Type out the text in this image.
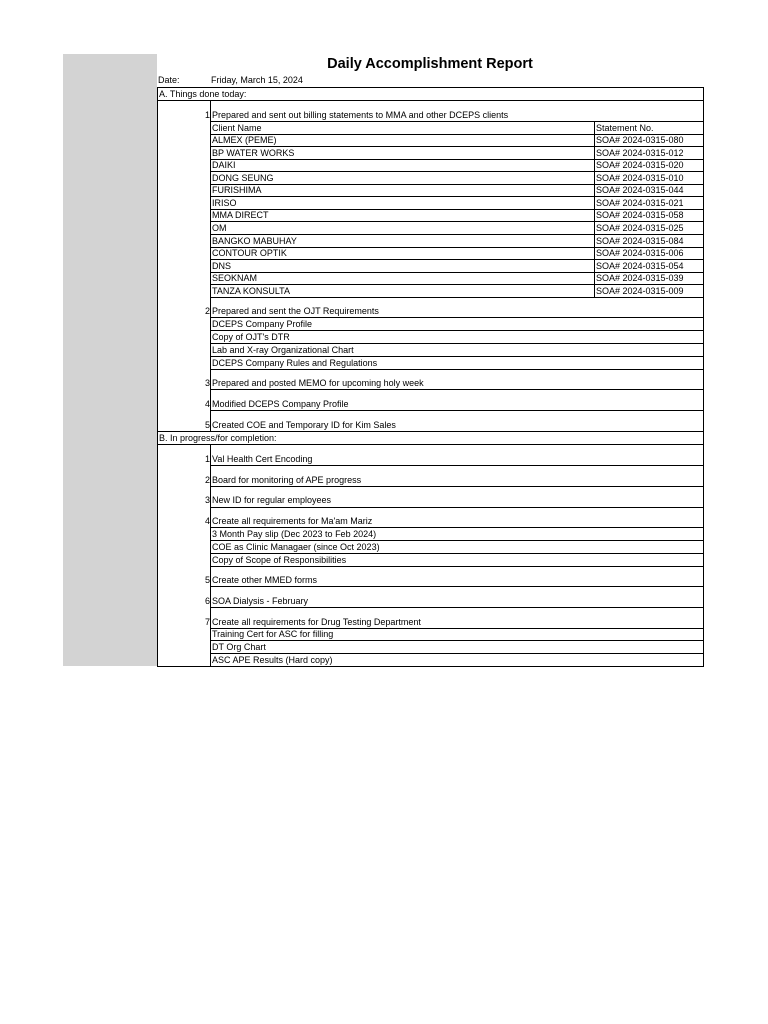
Daily Accomplishment Report
Date:	Friday, March 15, 2024
A. Things done today:
1 Prepared and sent out billing statements to MMA and other DCEPS clients
Client Name	Statement No.
ALMEX (PEME)	SOA# 2024-0315-080
BP WATER WORKS	SOA# 2024-0315-012
DAIKI	SOA# 2024-0315-020
DONG SEUNG	SOA# 2024-0315-010
FURISHIMA	SOA# 2024-0315-044
IRISO	SOA# 2024-0315-021
MMA DIRECT	SOA# 2024-0315-058
OM	SOA# 2024-0315-025
BANGKO MABUHAY	SOA# 2024-0315-084
CONTOUR OPTIK	SOA# 2024-0315-006
DNS	SOA# 2024-0315-054
SEOKNAM	SOA# 2024-0315-039
TANZA KONSULTA	SOA# 2024-0315-009
2 Prepared and sent the OJT Requirements
DCEPS Company Profile
Copy of OJT's DTR
Lab and X-ray Organizational Chart
DCEPS Company Rules and Regulations
3 Prepared and posted MEMO for upcoming holy week
4 Modified DCEPS Company Profile
5 Created COE and Temporary ID for Kim Sales
B. In progress/for completion:
1 Val Health Cert Encoding
2 Board for monitoring of APE progress
3 New ID for regular employees
4 Create all requirements for Ma'am Mariz
3 Month Pay slip (Dec 2023 to Feb 2024)
COE as Clinic Managaer (since Oct 2023)
Copy of Scope of Responsibilities
5 Create other MMED forms
6 SOA Dialysis - February
7 Create all requirements for Drug Testing Department
Training Cert for ASC for filling
DT Org Chart
ASC APE Results (Hard copy)
